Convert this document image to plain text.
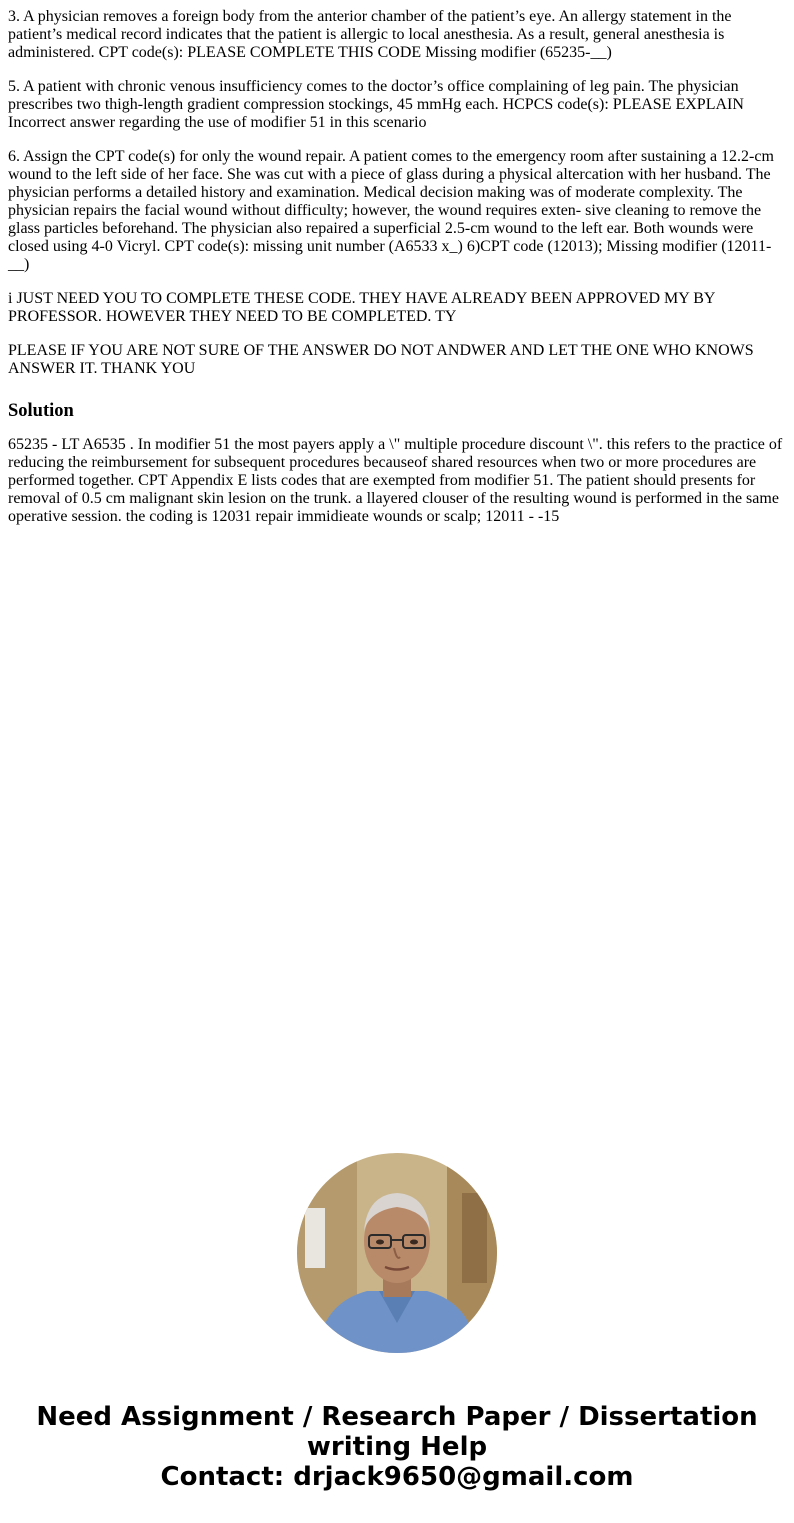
3. A physician removes a foreign body from the anterior chamber of the patient’s eye. An allergy statement in the patient’s medical record indicates that the patient is allergic to local anesthesia. As a result, general anesthesia is administered. CPT code(s): PLEASE COMPLETE THIS CODE Missing modifier (65235-__)

5. A patient with chronic venous insufficiency comes to the doctor’s office complaining of leg pain. The physician prescribes two thigh-length gradient compression stockings, 45 mmHg each. HCPCS code(s): PLEASE EXPLAIN Incorrect answer regarding the use of modifier 51 in this scenario

6. Assign the CPT code(s) for only the wound repair. A patient comes to the emergency room after sustaining a 12.2-cm wound to the left side of her face. She was cut with a piece of glass during a physical altercation with her husband. The physician performs a detailed history and examination. Medical decision making was of moderate complexity. The physician repairs the facial wound without difficulty; however, the wound requires exten- sive cleaning to remove the glass particles beforehand. The physician also repaired a superficial 2.5-cm wound to the left ear. Both wounds were closed using 4-0 Vicryl. CPT code(s): missing unit number (A6533 x_) 6)CPT code (12013); Missing modifier (12011-__)

i JUST NEED YOU TO COMPLETE THESE CODE. THEY HAVE ALREADY BEEN APPROVED MY BY PROFESSOR. HOWEVER THEY NEED TO BE COMPLETED. TY

PLEASE IF YOU ARE NOT SURE OF THE ANSWER DO NOT ANDWER AND LET THE ONE WHO KNOWS ANSWER IT. THANK YOU

Solution

65235 - LT A6535 . In modifier 51 the most payers apply a \" multiple procedure discount \". this refers to the practice of reducing the reimbursement for subsequent procedures becauseof shared resources when two or more procedures are performed together. CPT Appendix E lists codes that are exempted from modifier 51. The patient should presents for removal of 0.5 cm malignant skin lesion on the trunk. a llayered clouser of the resulting wound is performed in the same operative session. the coding is 12031 repair immidieate wounds or scalp; 12011 - -15

Need Assignment / Research Paper / Dissertation
writing Help
Contact: drjack9650@gmail.com
